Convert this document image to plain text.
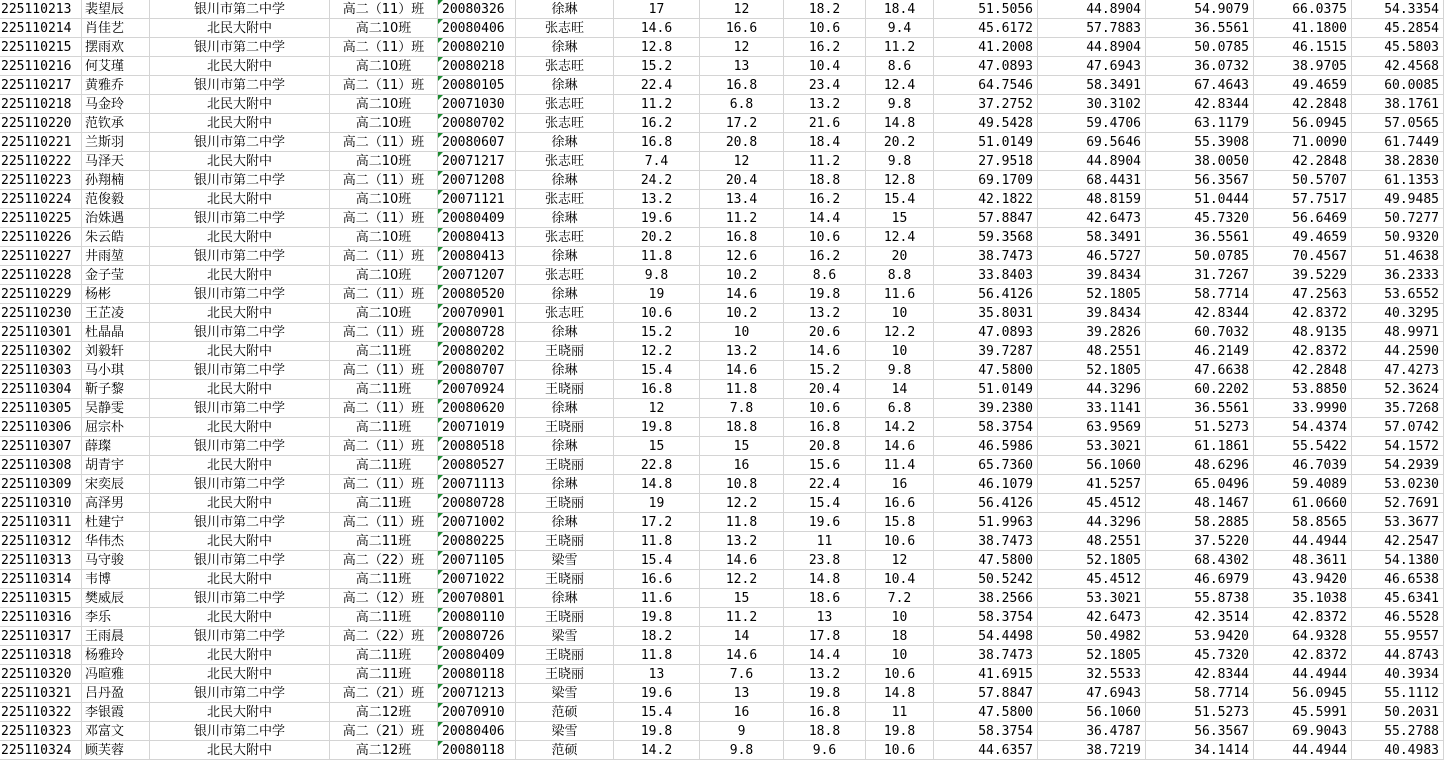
225110213	裴望辰	银川市第二中学	高二（11）班	20080326	徐琳	17	12	18.2	18.4	51.5056	44.8904	54.9079	66.0375	54.3354
225110214	肖佳艺	北民大附中	高二10班	20080406	张志旺	14.6	16.6	10.6	9.4	45.6172	57.7883	36.5561	41.1800	45.2854
225110215	摆雨欢	银川市第二中学	高二（11）班	20080210	徐琳	12.8	12	16.2	11.2	41.2008	44.8904	50.0785	46.1515	45.5803
225110216	何艾瑾	北民大附中	高二10班	20080218	张志旺	15.2	13	10.4	8.6	47.0893	47.6943	36.0732	38.9705	42.4568
225110217	黄雅乔	银川市第二中学	高二（11）班	20080105	徐琳	22.4	16.8	23.4	12.4	64.7546	58.3491	67.4643	49.4659	60.0085
225110218	马金玲	北民大附中	高二10班	20071030	张志旺	11.2	6.8	13.2	9.8	37.2752	30.3102	42.8344	42.2848	38.1761
225110220	范钦承	北民大附中	高二10班	20080702	张志旺	16.2	17.2	21.6	14.8	49.5428	59.4706	63.1179	56.0945	57.0565
225110221	兰斯羽	银川市第二中学	高二（11）班	20080607	徐琳	16.8	20.8	18.4	20.2	51.0149	69.5646	55.3908	71.0090	61.7449
225110222	马泽天	北民大附中	高二10班	20071217	张志旺	7.4	12	11.2	9.8	27.9518	44.8904	38.0050	42.2848	38.2830
225110223	孙翔楠	银川市第二中学	高二（11）班	20071208	徐琳	24.2	20.4	18.8	12.8	69.1709	68.4431	56.3567	50.5707	61.1353
225110224	范俊毅	北民大附中	高二10班	20071121	张志旺	13.2	13.4	16.2	15.4	42.1822	48.8159	51.0444	57.7517	49.9485
225110225	治姝遇	银川市第二中学	高二（11）班	20080409	徐琳	19.6	11.2	14.4	15	57.8847	42.6473	45.7320	56.6469	50.7277
225110226	朱云皓	北民大附中	高二10班	20080413	张志旺	20.2	16.8	10.6	12.4	59.3568	58.3491	36.5561	49.4659	50.9320
225110227	井雨堃	银川市第二中学	高二（11）班	20080413	徐琳	11.8	12.6	16.2	20	38.7473	46.5727	50.0785	70.4567	51.4638
225110228	金子莹	北民大附中	高二10班	20071207	张志旺	9.8	10.2	8.6	8.8	33.8403	39.8434	31.7267	39.5229	36.2333
225110229	杨彬	银川市第二中学	高二（11）班	20080520	徐琳	19	14.6	19.8	11.6	56.4126	52.1805	58.7714	47.2563	53.6552
225110230	王芷凌	北民大附中	高二10班	20070901	张志旺	10.6	10.2	13.2	10	35.8031	39.8434	42.8344	42.8372	40.3295
225110301	杜晶晶	银川市第二中学	高二（11）班	20080728	徐琳	15.2	10	20.6	12.2	47.0893	39.2826	60.7032	48.9135	48.9971
225110302	刘毅轩	北民大附中	高二11班	20080202	王晓丽	12.2	13.2	14.6	10	39.7287	48.2551	46.2149	42.8372	44.2590
225110303	马小琪	银川市第二中学	高二（11）班	20080707	徐琳	15.4	14.6	15.2	9.8	47.5800	52.1805	47.6638	42.2848	47.4273
225110304	靳子黎	北民大附中	高二11班	20070924	王晓丽	16.8	11.8	20.4	14	51.0149	44.3296	60.2202	53.8850	52.3624
225110305	吴静雯	银川市第二中学	高二（11）班	20080620	徐琳	12	7.8	10.6	6.8	39.2380	33.1141	36.5561	33.9990	35.7268
225110306	屈宗朴	北民大附中	高二11班	20071019	王晓丽	19.8	18.8	16.8	14.2	58.3754	63.9569	51.5273	54.4374	57.0742
225110307	薛璨	银川市第二中学	高二（11）班	20080518	徐琳	15	15	20.8	14.6	46.5986	53.3021	61.1861	55.5422	54.1572
225110308	胡青宇	北民大附中	高二11班	20080527	王晓丽	22.8	16	15.6	11.4	65.7360	56.1060	48.6296	46.7039	54.2939
225110309	宋奕辰	银川市第二中学	高二（11）班	20071113	徐琳	14.8	10.8	22.4	16	46.1079	41.5257	65.0496	59.4089	53.0230
225110310	高泽男	北民大附中	高二11班	20080728	王晓丽	19	12.2	15.4	16.6	56.4126	45.4512	48.1467	61.0660	52.7691
225110311	杜建宁	银川市第二中学	高二（11）班	20071002	徐琳	17.2	11.8	19.6	15.8	51.9963	44.3296	58.2885	58.8565	53.3677
225110312	华伟杰	北民大附中	高二11班	20080225	王晓丽	11.8	13.2	11	10.6	38.7473	48.2551	37.5220	44.4944	42.2547
225110313	马守骏	银川市第二中学	高二（22）班	20071105	梁雪	15.4	14.6	23.8	12	47.5800	52.1805	68.4302	48.3611	54.1380
225110314	韦博	北民大附中	高二11班	20071022	王晓丽	16.6	12.2	14.8	10.4	50.5242	45.4512	46.6979	43.9420	46.6538
225110315	樊威辰	银川市第二中学	高二（12）班	20070801	徐琳	11.6	15	18.6	7.2	38.2566	53.3021	55.8738	35.1038	45.6341
225110316	李乐	北民大附中	高二11班	20080110	王晓丽	19.8	11.2	13	10	58.3754	42.6473	42.3514	42.8372	46.5528
225110317	王雨晨	银川市第二中学	高二（22）班	20080726	梁雪	18.2	14	17.8	18	54.4498	50.4982	53.9420	64.9328	55.9557
225110318	杨雅玲	北民大附中	高二11班	20080409	王晓丽	11.8	14.6	14.4	10	38.7473	52.1805	45.7320	42.8372	44.8743
225110320	冯暄雅	北民大附中	高二11班	20080118	王晓丽	13	7.6	13.2	10.6	41.6915	32.5533	42.8344	44.4944	40.3934
225110321	吕丹盈	银川市第二中学	高二（21）班	20071213	梁雪	19.6	13	19.8	14.8	57.8847	47.6943	58.7714	56.0945	55.1112
225110322	李银霞	北民大附中	高二12班	20070910	范硕	15.4	16	16.8	11	47.5800	56.1060	51.5273	45.5991	50.2031
225110323	邓富文	银川市第二中学	高二（21）班	20080406	梁雪	19.8	9	18.8	19.8	58.3754	36.4787	56.3567	69.9043	55.2788
225110324	顾芙蓉	北民大附中	高二12班	20080118	范硕	14.2	9.8	9.6	10.6	44.6357	38.7219	34.1414	44.4944	40.4983
